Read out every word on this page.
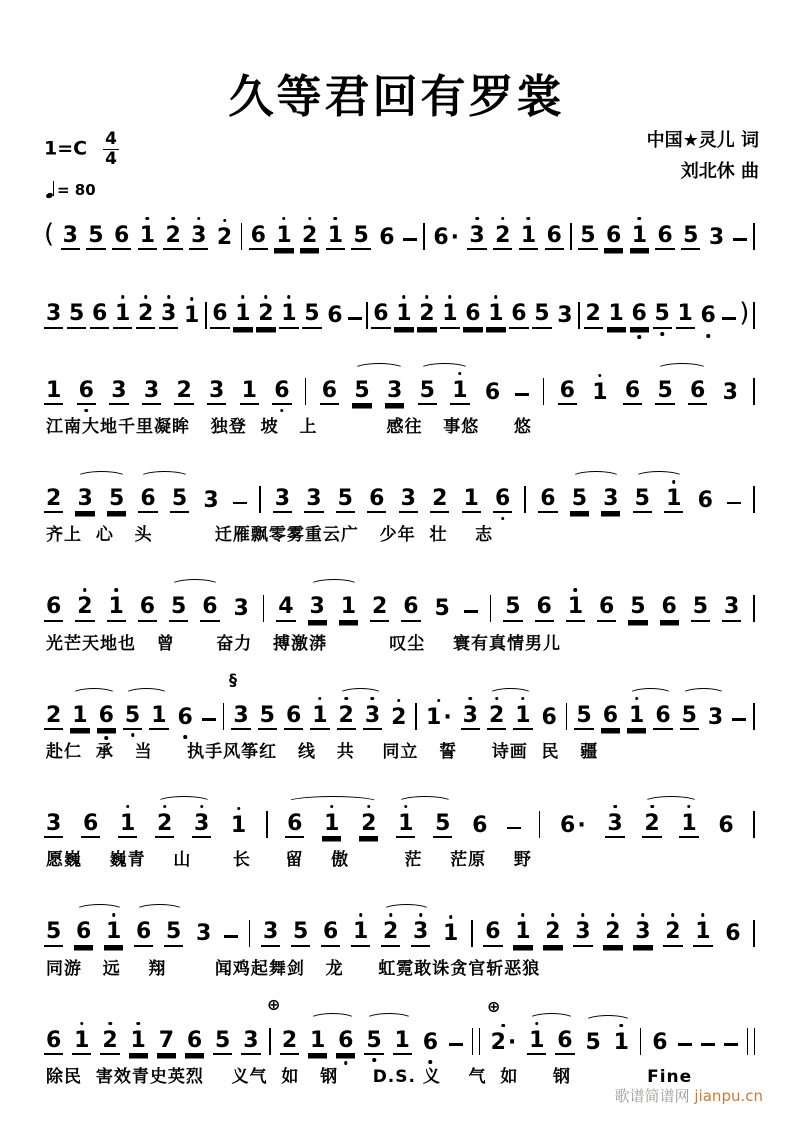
久等君回有罗裳
$1=C \frac{4}{4}$
= 80
中国★灵儿 词
刘北休 曲
( 3 5 6 1 2 3 2 6 1 2 1 5 6 6· 3 2 1 6 5 6 1 6 5 3
3 5 6 1 2 3 1 6 1 2 1 5 6 6 1 2 1 6 1 6 5 3 2 1 6 5 1 6 )
1 6 3 3 2 3 1 6 6 5 3 5 1 6	6 1 6 5 6 3
江南大地千里凝眸   独登  坡   上          感往   事悠     悠
2 3 5 6 5 3	3 3 5 6 3 2 1 6 6 5 3 5 1 6
齐上  心   头         迁雁飘零雾重云广   少年  壮    志
6 2 1 6 5 6 3 4 3 1 2 6 5	5 6 1 6 5 6 5 3
光芒天地也   曾      奋力   搏激漭         叹尘    寰有真情男儿
2 1 6 5 1 6 3 5 6 1 2 3 2 1· 3 2 1 6 5 6 1 6 5 3
§
赴仁  承   当     执手风筝红   线   共    同立   誓     诗画  民   疆
3 6 1 2 3 1 6 1 2 1 5 6	6· 3 2 1 6
愿巍    巍青    山      长     留    傲        茫    茫原    野
5 6 1 6 5 3 3 5 6 1 2 3 1 6 1 2 3 2 3 2 1 6
同游   远    翔       闻鸡起舞剑   龙     虹霓敢诛贪官斩恶狼
6 1 2 1 7 6 5 3 2 1 6 5 1 6 2· 1 6 5 1 6
⊕	⊕
除民  害效青史英烈    义气  如   钢     D.S. 义    气  如     钢           Fine
歌谱简谱网 jianpu.cn
